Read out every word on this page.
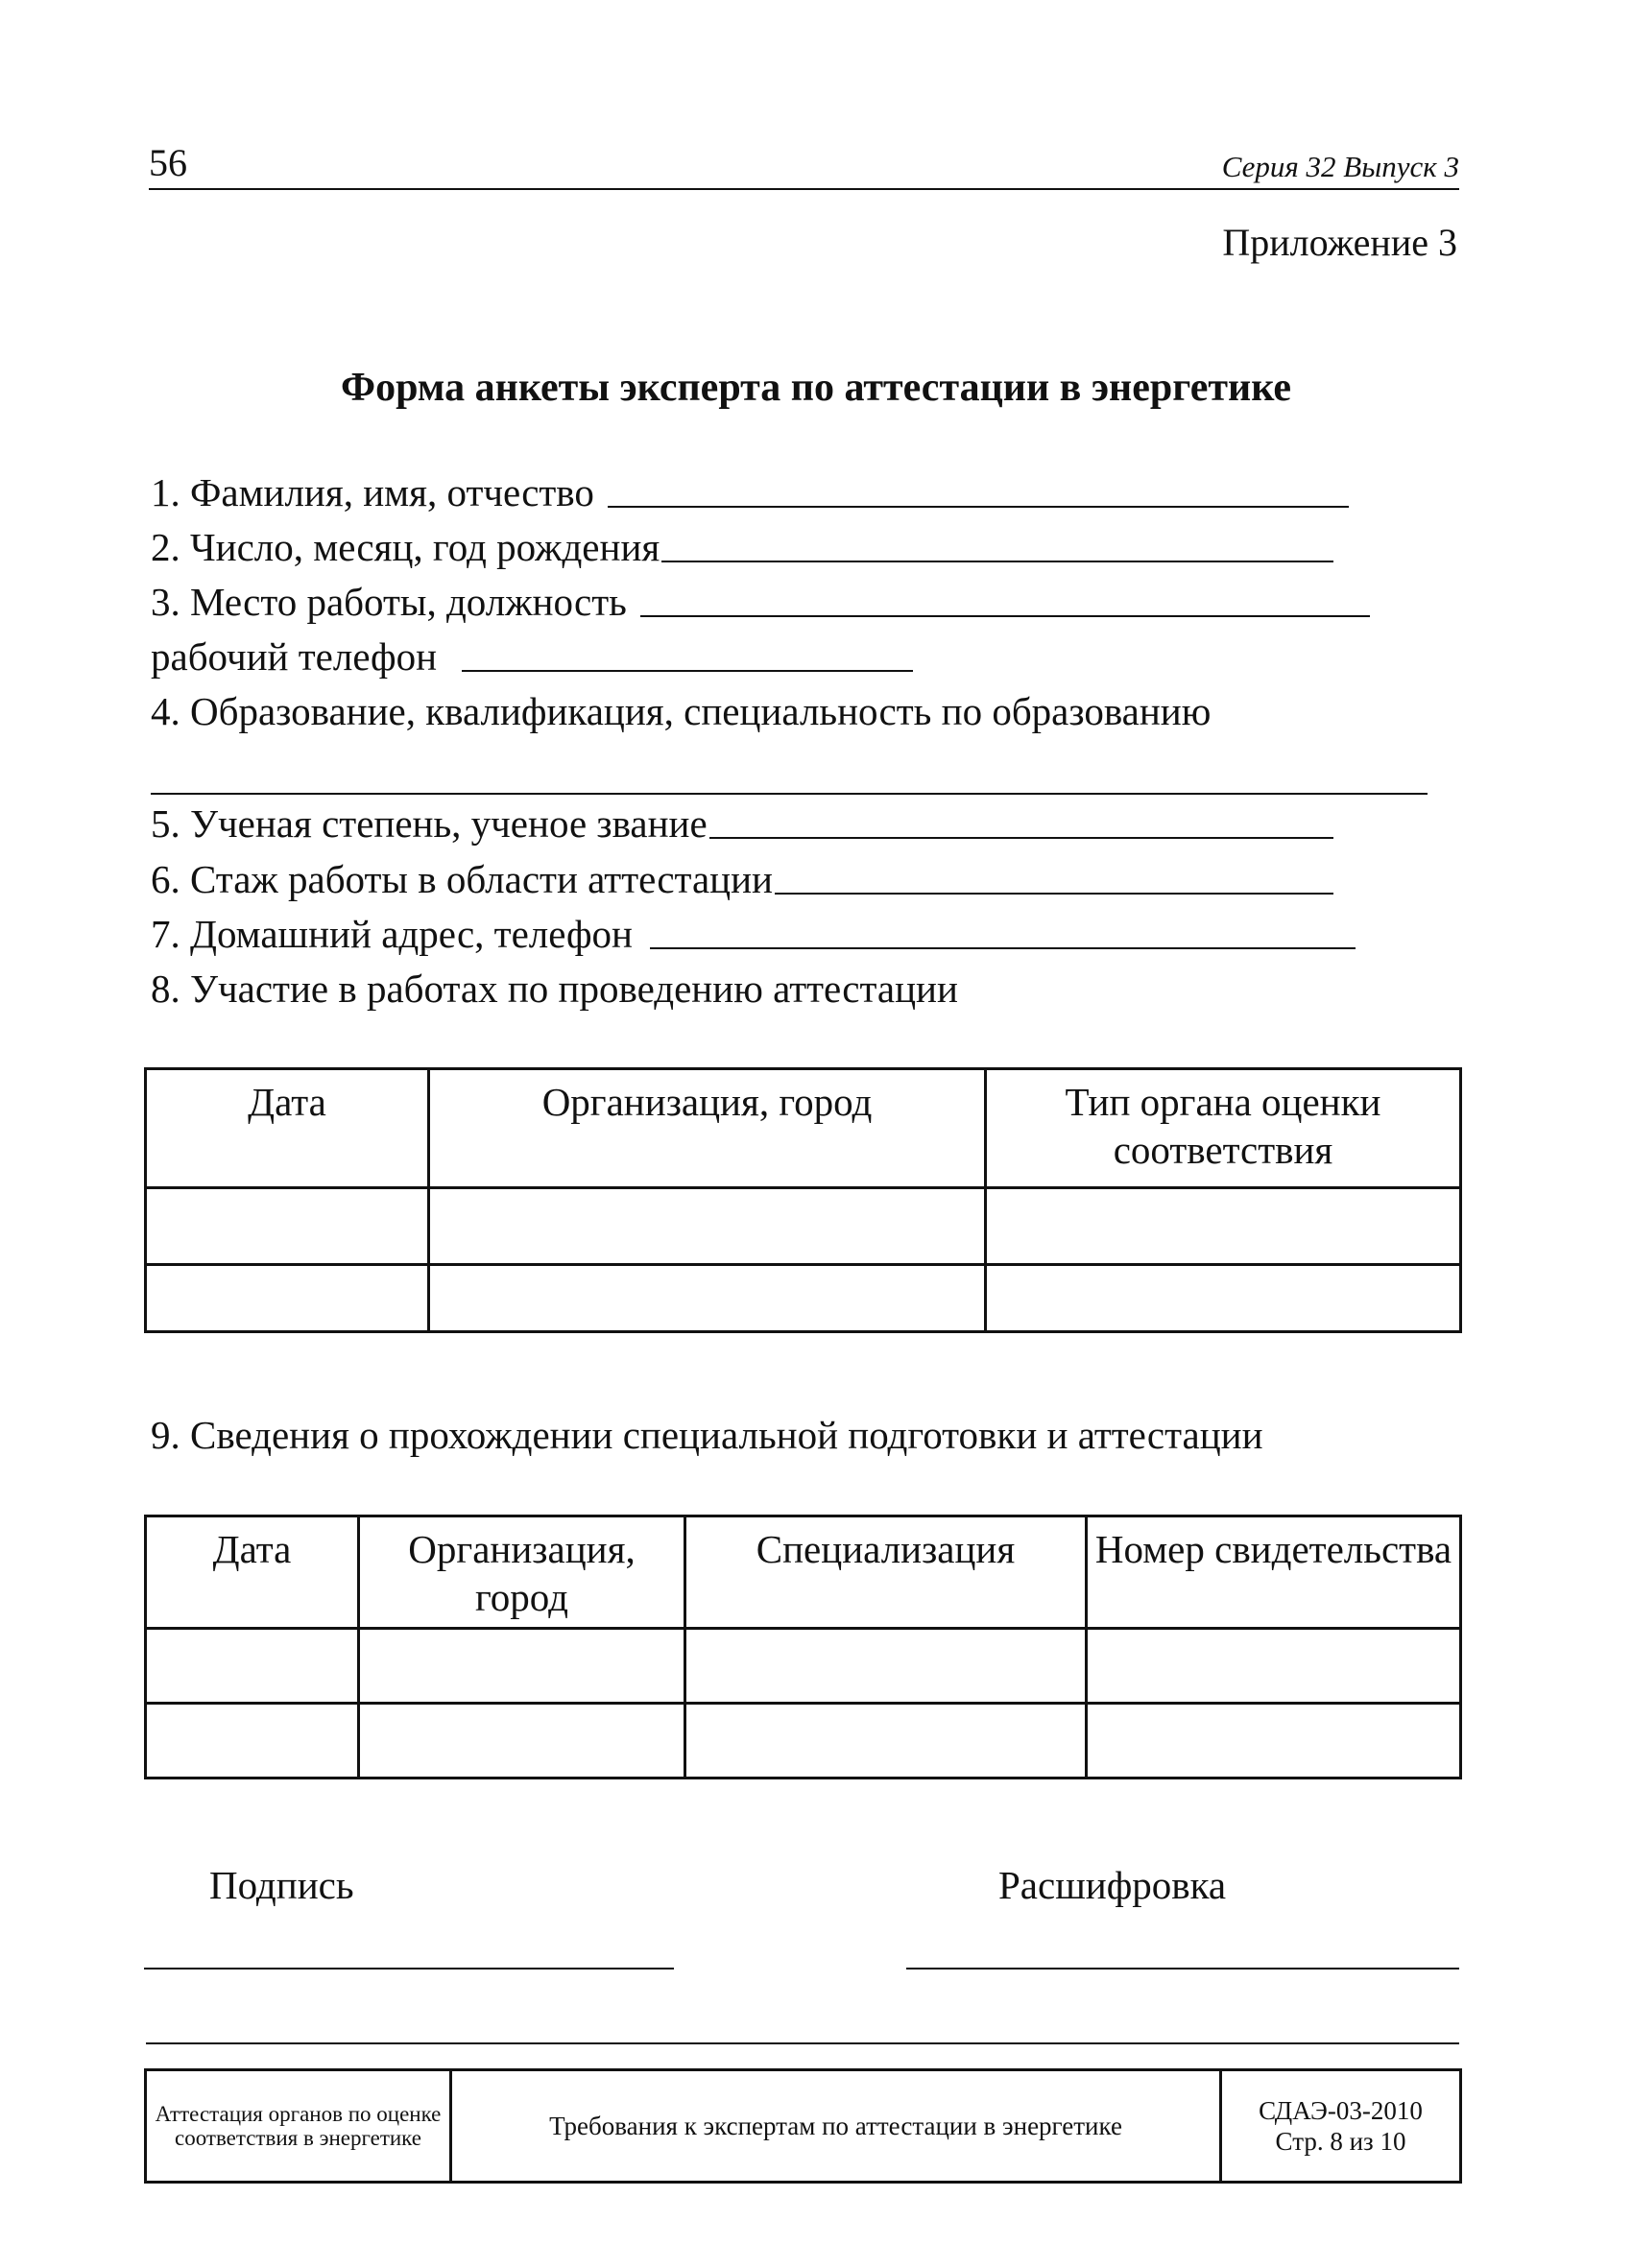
56	Серия 32 Выпуск 3
Приложение 3
Форма анкеты эксперта по аттестации в энергетике
1. Фамилия, имя, отчество
2. Число, месяц, год рождения
3. Место работы, должность
рабочий телефон
4. Образование, квалификация, специальность по образованию
5. Ученая степень, ученое звание
6. Стаж работы в области аттестации
7. Домашний адрес, телефон
8. Участие в работах по проведению аттестации
Дата	Организация, город	Тип органа оценки соответствия

9. Сведения о прохождении специальной подготовки и аттестации
Дата	Организация, город	Специализация	Номер свидетельства

Подпись	Расшифровка
Аттестация органов по оценке соответствия в энергетике	Требования к экспертам по аттестации в энергетике	
СДАЭ-03-2010
Стр. 8 из 10
